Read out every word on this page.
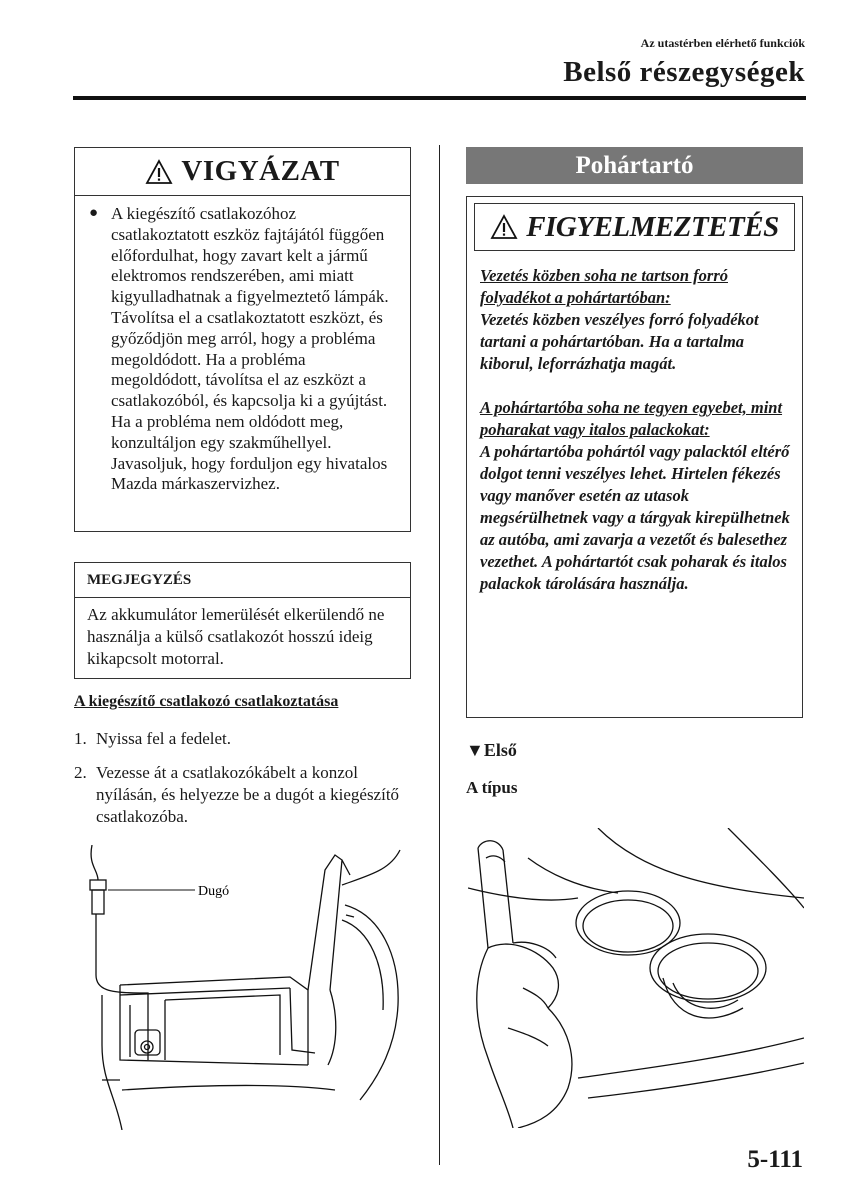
Az utastérben elérhető funkciók
Belső részegységek
VIGYÁZAT
● A kiegészítő csatlakozóhoz csatlakoztatott eszköz fajtájától függően előfordulhat, hogy zavart kelt a jármű elektromos rendszerében, ami miatt kigyulladhatnak a figyelmeztető lámpák. Távolítsa el a csatlakoztatott eszközt, és győződjön meg arról, hogy a probléma megoldódott. Ha a probléma megoldódott, távolítsa el az eszközt a csatlakozóból, és kapcsolja ki a gyújtást. Ha a probléma nem oldódott meg, konzultáljon egy szakműhellyel. Javasoljuk, hogy forduljon egy hivatalos Mazda márkaszervizhez.
MEGJEGYZÉS
Az akkumulátor lemerülését elkerülendő ne használja a külső csatlakozót hosszú ideig kikapcsolt motorral.
A kiegészítő csatlakozó csatlakoztatása
1. Nyissa fel a fedelet.
2. Vezesse át a csatlakozókábelt a konzol nyílásán, és helyezze be a dugót a kiegészítő csatlakozóba.
Dugó
Pohártartó
FIGYELMEZTETÉS
Vezetés közben soha ne tartson forró folyadékot a pohártartóban:
Vezetés közben veszélyes forró folyadékot tartani a pohártartóban. Ha a tartalma kiborul, leforrázhatja magát.
A pohártartóba soha ne tegyen egyebet, mint poharakat vagy italos palackokat:
A pohártartóba pohártól vagy palacktól eltérő dolgot tenni veszélyes lehet. Hirtelen fékezés vagy manőver esetén az utasok megsérülhetnek vagy a tárgyak kirepülhetnek az autóba, ami zavarja a vezetőt és balesethez vezethet. A pohártartót csak poharak és italos palackok tárolására használja.
▼Első
A típus
5-111
